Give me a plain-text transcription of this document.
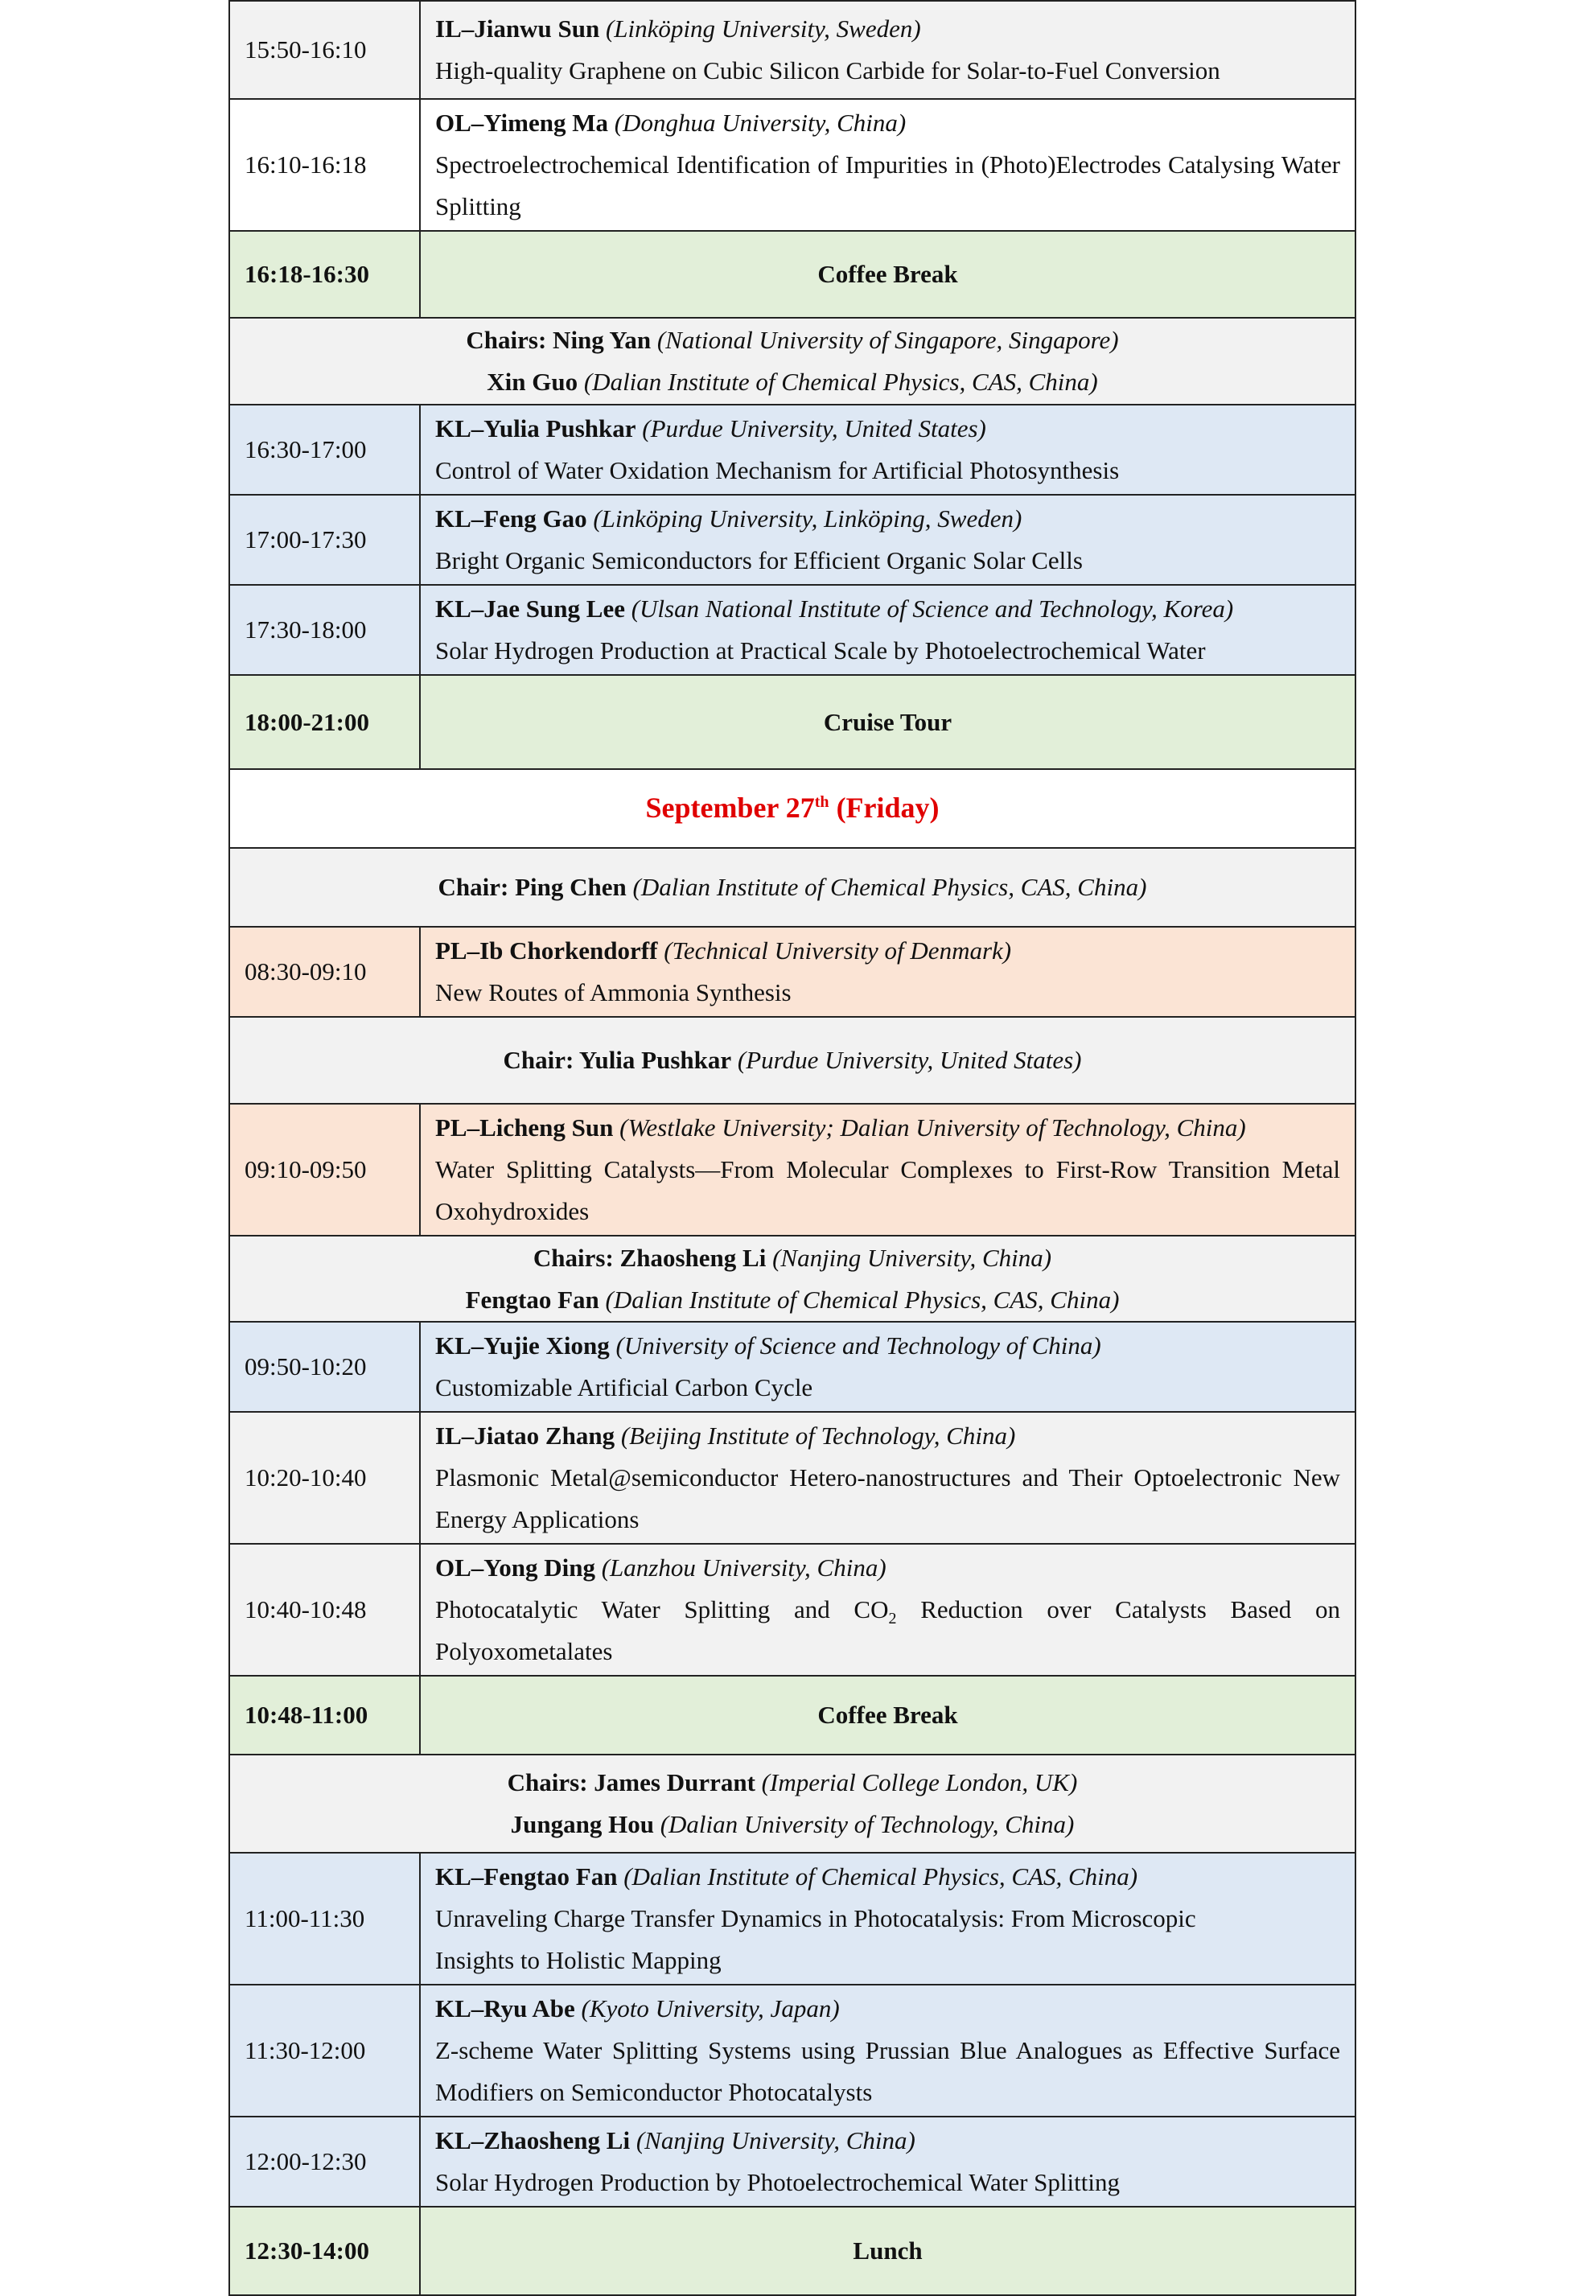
15:50-16:10	IL–Jianwu Sun (Linköping University, Sweden)
High-quality Graphene on Cubic Silicon Carbide for Solar-to-Fuel Conversion

16:10-16:18	OL–Yimeng Ma (Donghua University, China)
Spectroelectrochemical Identification of Impurities in (Photo)Electrodes Catalysing Water Splitting

16:18-16:30	Coffee Break

Chairs: Ning Yan (National University of Singapore, Singapore)
Xin Guo (Dalian Institute of Chemical Physics, CAS, China)	

16:30-17:00	KL–Yulia Pushkar (Purdue University, United States)
Control of Water Oxidation Mechanism for Artificial Photosynthesis

17:00-17:30	KL–Feng Gao (Linköping University, Linköping, Sweden)
Bright Organic Semiconductors for Efficient Organic Solar Cells

17:30-18:00	KL–Jae Sung Lee (Ulsan National Institute of Science and Technology, Korea)
Solar Hydrogen Production at Practical Scale by Photoelectrochemical Water

18:00-21:00	Cruise Tour
September 27th (Friday)	
Chair: Ping Chen (Dalian Institute of Chemical Physics, CAS, China)	
08:30-09:10	PL–Ib Chorkendorff (Technical University of Denmark)
New Routes of Ammonia Synthesis

Chair: Yulia Pushkar (Purdue University, United States)	
09:10-09:50	PL–Licheng Sun (Westlake University; Dalian University of Technology, China)
Water Splitting Catalysts—From Molecular Complexes to First-Row Transition Metal Oxohydroxides

Chairs: Zhaosheng Li (Nanjing University, China)
Fengtao Fan (Dalian Institute of Chemical Physics, CAS, China)	

09:50-10:20	KL–Yujie Xiong (University of Science and Technology of China)
Customizable Artificial Carbon Cycle

10:20-10:40	IL–Jiatao Zhang (Beijing Institute of Technology, China)
Plasmonic Metal@semiconductor Hetero-nanostructures and Their Optoelectronic New Energy Applications

10:40-10:48	OL–Yong Ding (Lanzhou University, China)
Photocatalytic Water Splitting and $CO_2$ Reduction over Catalysts Based on Polyoxometalates

10:48-11:00	Coffee Break

Chairs: James Durrant (Imperial College London, UK)
Jungang Hou (Dalian University of Technology, China)	

11:00-11:30	KL–Fengtao Fan (Dalian Institute of Chemical Physics, CAS, China)
Unraveling Charge Transfer Dynamics in Photocatalysis: From Microscopic
Insights to Holistic Mapping

11:30-12:00	KL–Ryu Abe (Kyoto University, Japan)
Z-scheme Water Splitting Systems using Prussian Blue Analogues as Effective Surface Modifiers on Semiconductor Photocatalysts

12:00-12:30	KL–Zhaosheng Li (Nanjing University, China)
Solar Hydrogen Production by Photoelectrochemical Water Splitting

12:30-14:00	Lunch
